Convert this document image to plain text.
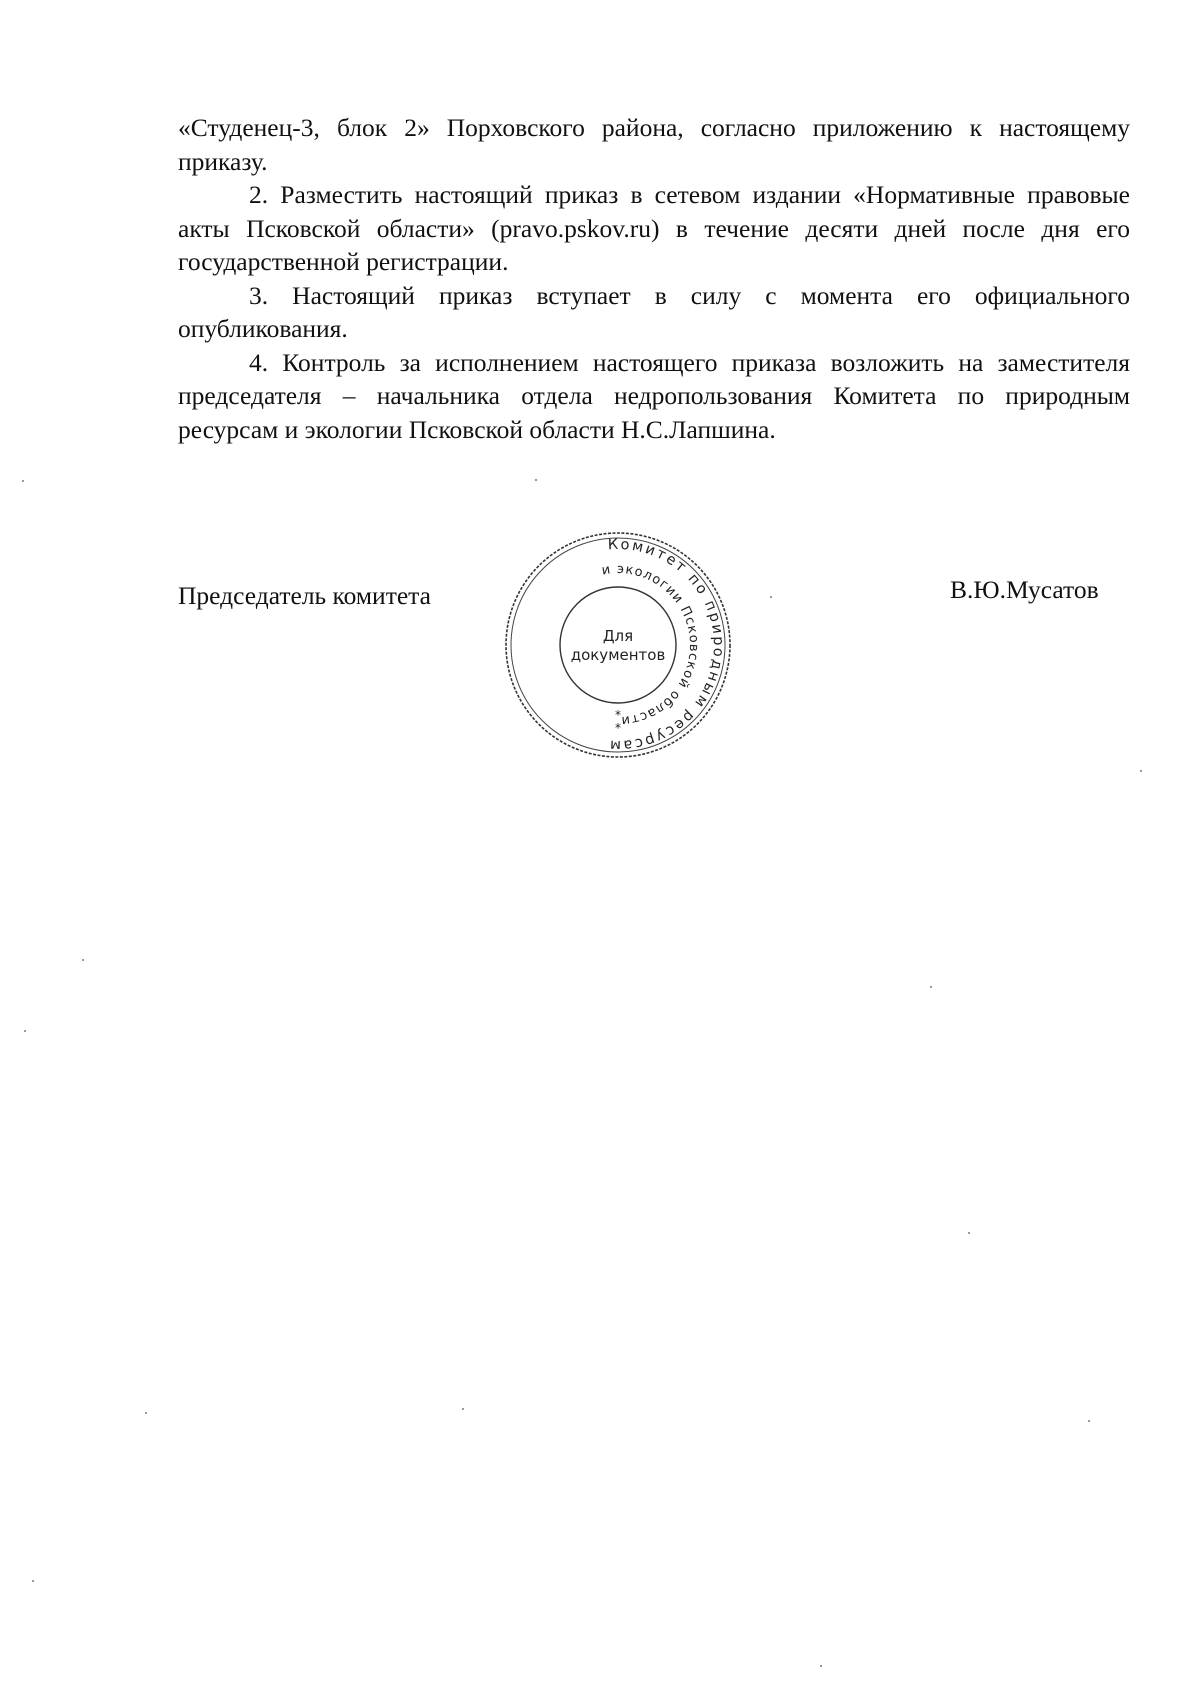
«Студенец-3, блок 2» Порховского района, согласно приложению к настоящему приказу.

2. Разместить настоящий приказ в сетевом издании «Нормативные правовые акты Псковской области» (pravo.pskov.ru) в течение десяти дней после дня его государственной регистрации.

3. Настоящий приказ вступает в силу с момента его официального опубликования.

4. Контроль за исполнением настоящего приказа возложить на заместителя председателя – начальника отдела недропользования Комитета по природным ресурсам и экологии Псковской области Н.С.Лапшина.

Председатель комитета
Комитет по природным ресурсам
и экологии Псковской области
Для
документов
*
*
В.Ю.Мусатов
